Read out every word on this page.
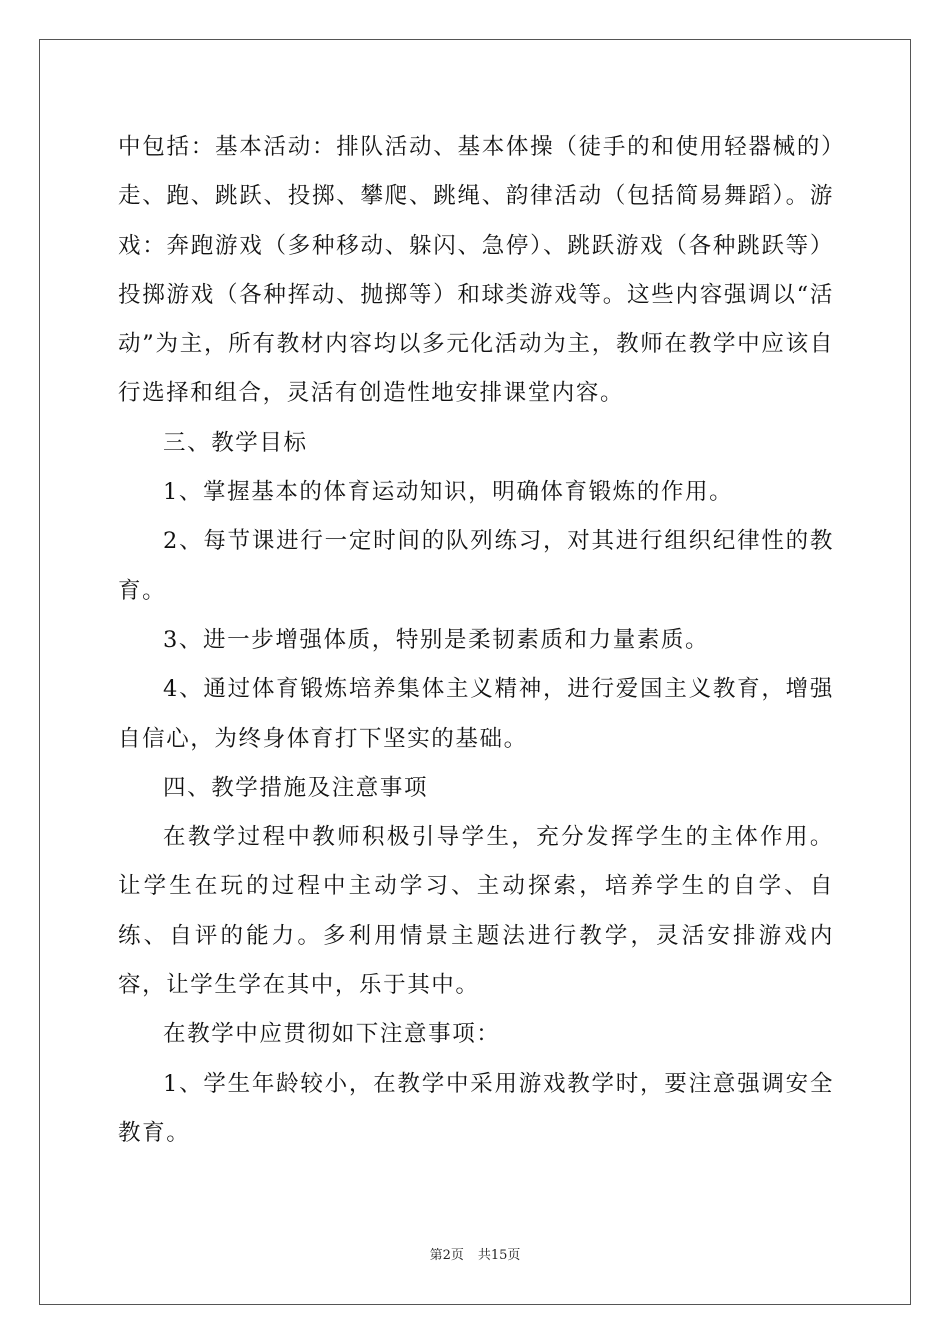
中包括：基本活动：排队活动、基本体操（徒手的和使用轻器械的）走、跑、跳跃、投掷、攀爬、跳绳、韵律活动（包括简易舞蹈）。游戏：奔跑游戏（多种移动、躲闪、急停）、跳跃游戏（各种跳跃等）投掷游戏（各种挥动、抛掷等）和球类游戏等。这些内容强调以“活动”为主，所有教材内容均以多元化活动为主，教师在教学中应该自行选择和组合，灵活有创造性地安排课堂内容。

三、教学目标

1、掌握基本的体育运动知识，明确体育锻炼的作用。

2、每节课进行一定时间的队列练习，对其进行组织纪律性的教育。

3、进一步增强体质，特别是柔韧素质和力量素质。

4、通过体育锻炼培养集体主义精神，进行爱国主义教育，增强自信心，为终身体育打下坚实的基础。

四、教学措施及注意事项

在教学过程中教师积极引导学生，充分发挥学生的主体作用。让学生在玩的过程中主动学习、主动探索，培养学生的自学、自练、自评的能力。多利用情景主题法进行教学，灵活安排游戏内容，让学生学在其中，乐于其中。

在教学中应贯彻如下注意事项：

1、学生年龄较小，在教学中采用游戏教学时，要注意强调安全教育。

第2页 共15页
